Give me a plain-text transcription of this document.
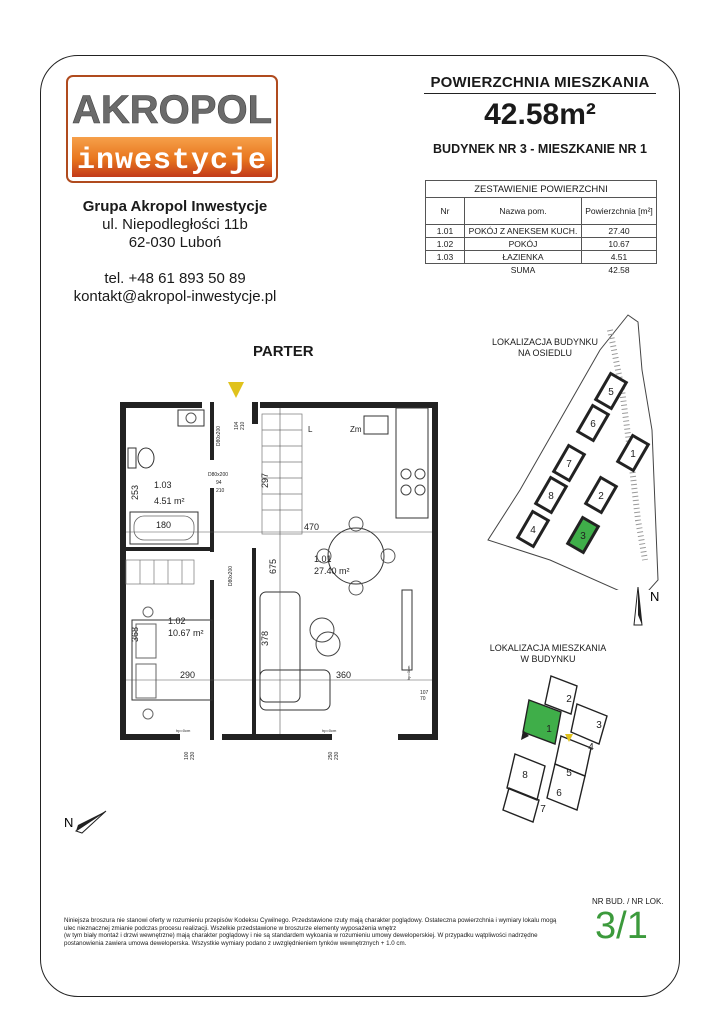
AKROPOL
inwestycje
Grupa Akropol Inwestycje
ul. Niepodległości 11b
62-030 Luboń
tel. +48 61 893 50 89
kontakt@akropol-inwestycje.pl
POWIERZCHNIA MIESZKANIA
42.58m²
BUDYNEK NR 3 - MIESZKANIE NR 1
ZESTAWIENIE POWIERZCHNI		
Nr	Nazwa pom.	Powierzchnia [m²]
1.01	POKÓJ Z ANEKSEM KUCH.	27.40
1.02	POKÓJ	10.67
1.03	ŁAZIENKA	4.51
	SUMA	42.58
PARTER
1.03
4.51 m²
1.01
27.40 m²
1.02
10.67 m²
470
675
297
378
360
290
368
253
180
L	Zm
D80x200
D80x200
D80x200
94
210
104 210
107
70
100 230	250 230
hp=0cm	hp=0cm
hp=0cm
LOKALIZACJA BUDYNKU
NA OSIEDLU
5
6
1
7
8	2
4
3
N
LOKALIZACJA MIESZKANIA
W BUDYNKU
2
1	3
4
8	5
6
7
N
Niniejsza broszura nie stanowi oferty w rozumieniu przepisów Kodeksu Cywilnego. Przedstawione rzuty mają charakter poglądowy. Ostateczna powierzchnia i wymiary lokalu mogą
ulec nieznacznej zmianie podczas procesu realizacji. Wszelkie przedstawione w broszurze elementy wyposażenia wnętrz
(w tym biały montaż i drzwi wewnętrzne) mają charakter poglądowy i nie są standardem wykoania w rozumieniu umowy deweloperskiej. W przypadku wątpliwości nadrzędne
postanowienia zawiera umowa deweloperska. Wszystkie wymiary podano z uwzględnieniem tynków wewnętrznych + 1.0 cm.
NR BUD. / NR LOK.
3/1
